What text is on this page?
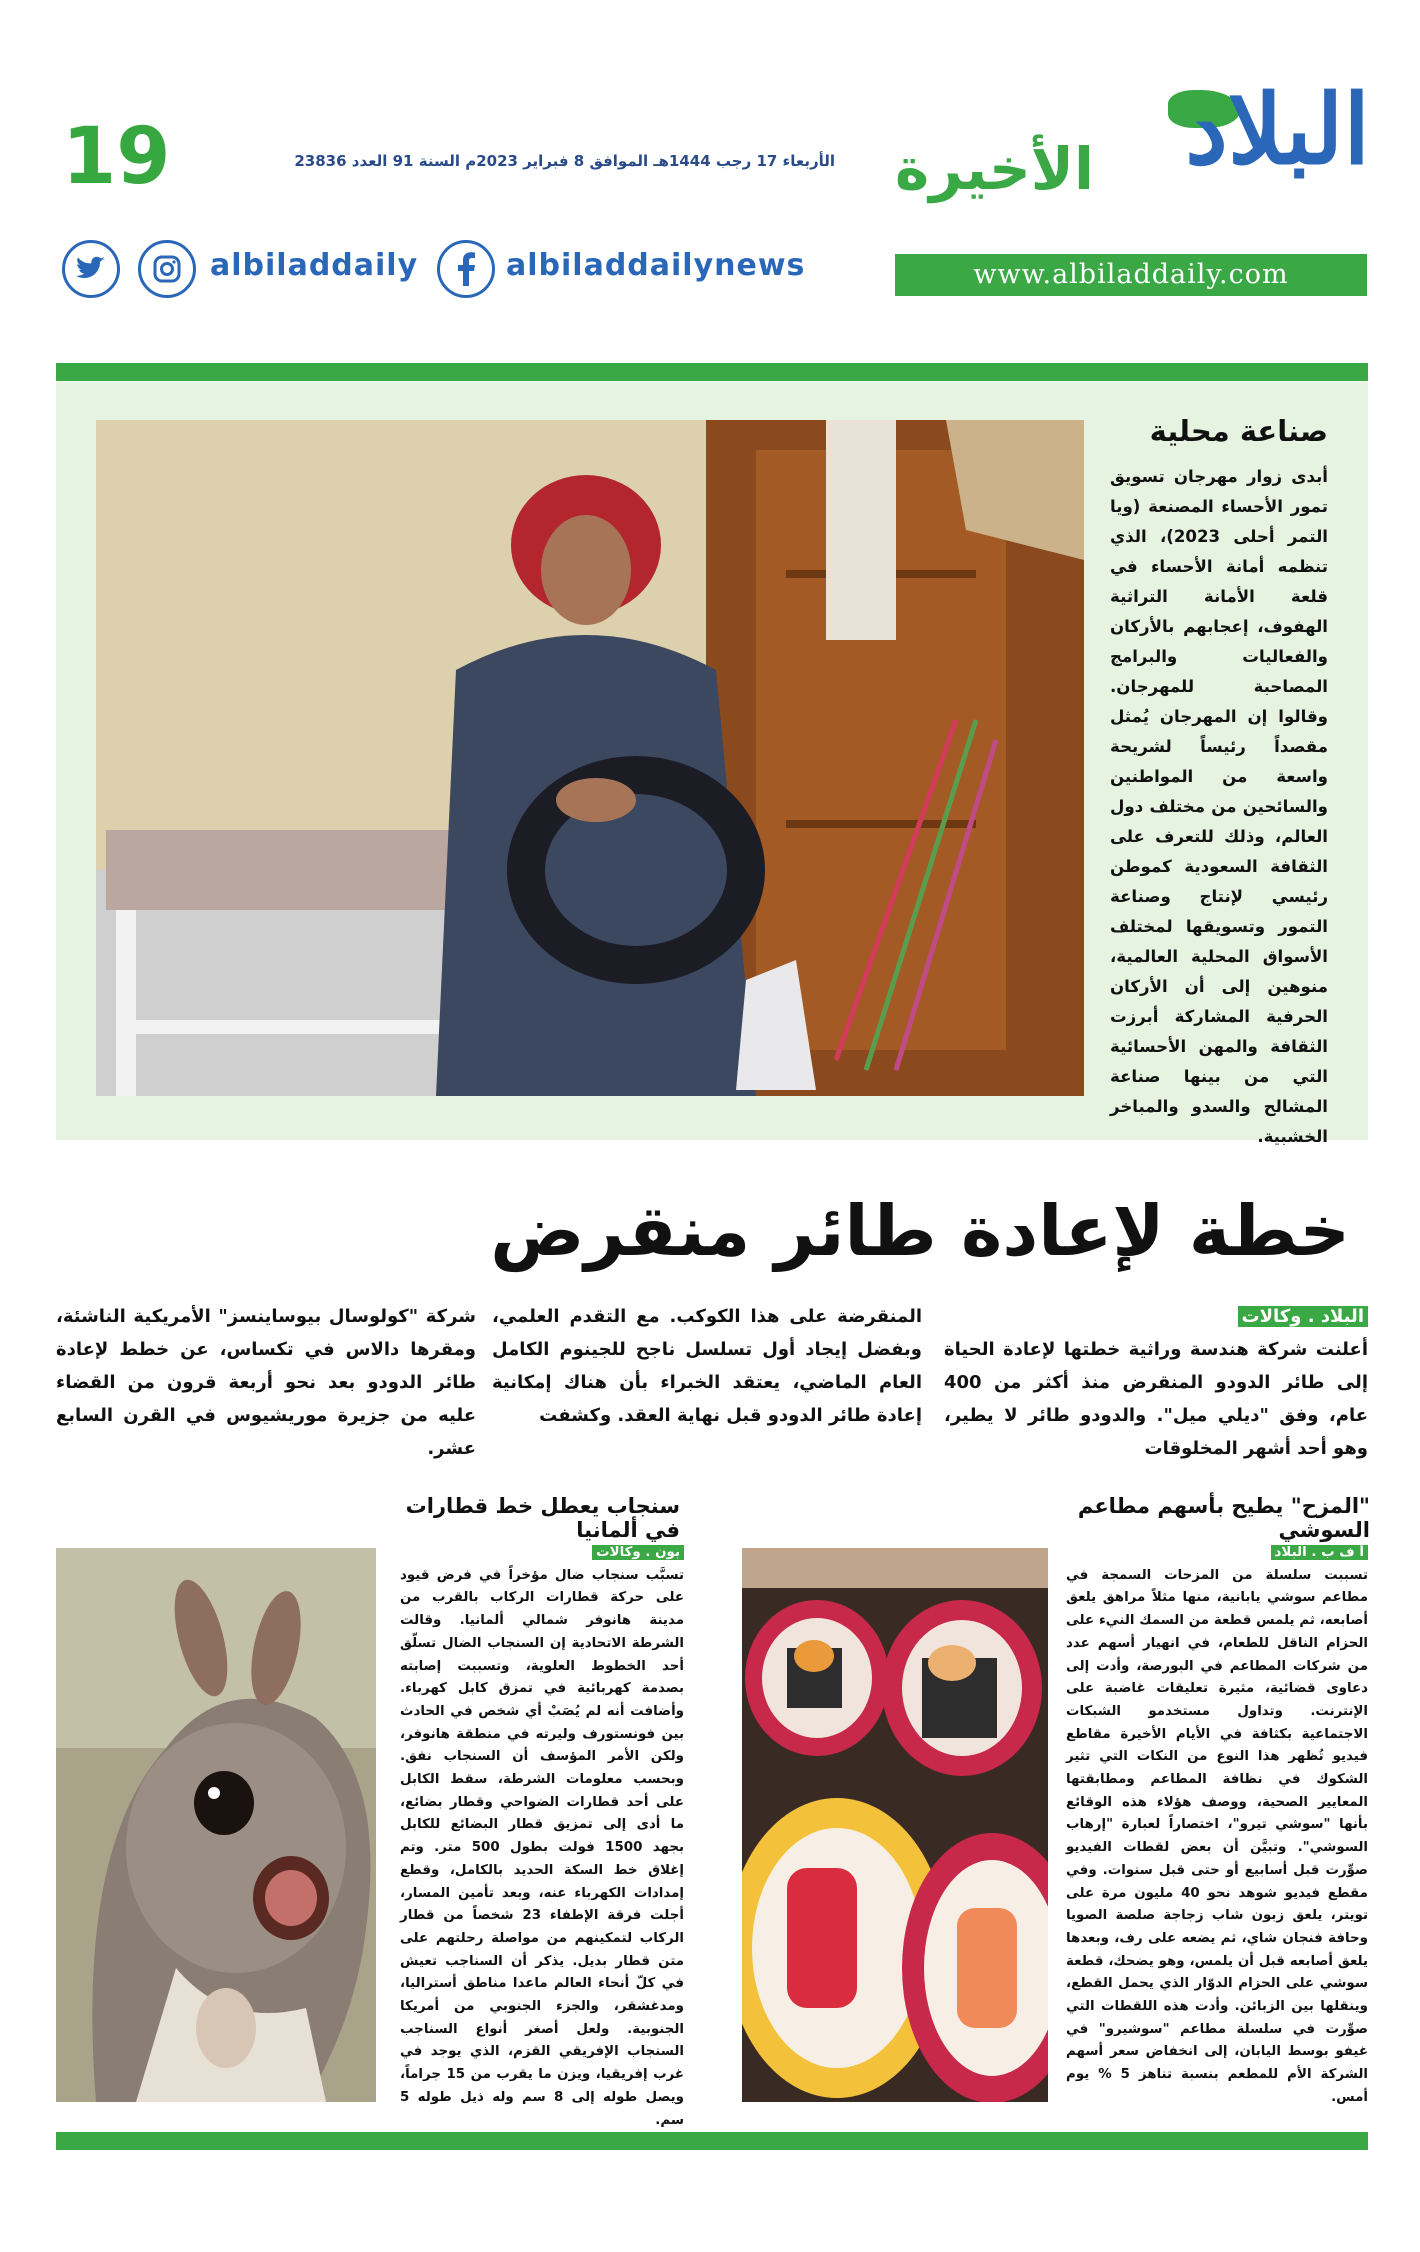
19	الأربعاء 17 رجب 1444هـ الموافق 8 فبراير 2023م السنة 91 العدد 23836	البلاد
الأخيرة
www.albiladdaily.com
albiladdaily	albiladdailynews
صناعة محلية
أبدى زوار مهرجان تسويق تمور الأحساء المصنعة (ويا التمر أحلى 2023)، الذي تنظمه أمانة الأحساء في قلعة الأمانة التراثية الهفوف، إعجابهم بالأركان والفعاليات والبرامج المصاحبة للمهرجان. وقالوا إن المهرجان يُمثل مقصداً رئيساً لشريحة واسعة من المواطنين والسائحين من مختلف دول العالم، وذلك للتعرف على الثقافة السعودية كموطن رئيسي لإنتاج وصناعة التمور وتسويقها لمختلف الأسواق المحلية العالمية، منوهين إلى أن الأركان الحرفية المشاركة أبرزت الثقافة والمهن الأحسائية التي من بينها صناعة المشالح والسدو والمباخر الخشبية.
خطة لإعادة طائر منقرض
البلاد . وكالات
أعلنت شركة هندسة وراثية خطتها لإعادة الحياة إلى طائر الدودو المنقرض منذ أكثر من 400 عام، وفق "ديلي ميل". والدودو طائر لا يطير، وهو أحد أشهر المخلوقات
المنقرضة على هذا الكوكب. مع التقدم العلمي، وبفضل إيجاد أول تسلسل ناجح للجينوم الكامل العام الماضي، يعتقد الخبراء بأن هناك إمكانية إعادة طائر الدودو قبل نهاية العقد. وكشفت
شركة "كولوسال بيوساينسز" الأمريكية الناشئة، ومقرها دالاس في تكساس، عن خطط لإعادة طائر الدودو بعد نحو أربعة قرون من القضاء عليه من جزيرة موريشيوس في القرن السابع عشر.
"المزح" يطيح بأسهم مطاعم السوشي
أ ف ب . البلاد
تسببت سلسلة من المزحات السمجة في مطاعم سوشي يابانية، منها مثلاً مراهق يلعق أصابعه، ثم يلمس قطعة من السمك النيء على الحزام الناقل للطعام، في انهيار أسهم عدد من شركات المطاعم في البورصة، وأدت إلى دعاوى قضائية، مثيرة تعليقات غاضبة على الإنترنت. وتداول مستخدمو الشبكات الاجتماعية بكثافة في الأيام الأخيرة مقاطع فيديو تُظهر هذا النوع من النكات التي تثير الشكوك في نظافة المطاعم ومطابقتها المعايير الصحية، ووصف هؤلاء هذه الوقائع بأنها "سوشي تيرو"، اختصاراً لعبارة "إرهاب السوشي". وتبيَّن أن بعض لقطات الفيديو صوِّرت قبل أسابيع أو حتى قبل سنوات. وفي مقطع فيديو شوهد نحو 40 مليون مرة على تويتر، يلعق زبون شاب زجاجة صلصة الصويا وحافة فنجان شاي، ثم يضعه على رف، وبعدها يلعق أصابعه قبل أن يلمس، وهو يضحك، قطعة سوشي على الحزام الدوّار الذي يحمل القطع، وينقلها بين الزبائن. وأدت هذه اللقطات التي صوِّرت في سلسلة مطاعم "سوشيرو" في غيفو بوسط اليابان، إلى انخفاض سعر أسهم الشركة الأم للمطعم بنسبة تناهز 5 % يوم أمس.
سنجاب يعطل خط قطارات في ألمانيا
بون . وكالات
تسبَّب سنجاب ضال مؤخراً في فرض قيود على حركة قطارات الركاب بالقرب من مدينة هانوفر شمالي ألمانيا. وقالت الشرطة الاتحادية إن السنجاب الضال تسلّق أحد الخطوط العلوية، وتسببت إصابته بصدمة كهربائية في تمزق كابل كهرباء. وأضافت أنه لم يُصَبْ أي شخص في الحادث بين فونستورف وليرته في منطقة هانوفر، ولكن الأمر المؤسف أن السنجاب نفق. وبحسب معلومات الشرطة، سقط الكابل على أحد قطارات الضواحي وقطار بضائع، ما أدى إلى تمزيق قطار البضائع للكابل بجهد 1500 فولت بطول 500 متر. وتم إغلاق خط السكة الحديد بالكامل، وقطع إمدادات الكهرباء عنه، وبعد تأمين المسار، أجلت فرقة الإطفاء 23 شخصاً من قطار الركاب لتمكينهم من مواصلة رحلتهم على متن قطار بديل. يذكر أن السناجب تعيش في كلّ أنحاء العالم ماعدا مناطق أستراليا، ومدغشقر، والجزء الجنوبي من أمريكا الجنوبية. ولعل أصغر أنواع السناجب السنجاب الإفريقي القزم، الذي يوجد في غرب إفريقيا، ويزن ما يقرب من 15 جراماً، ويصل طوله إلى 8 سم وله ذيل طوله 5 سم.
